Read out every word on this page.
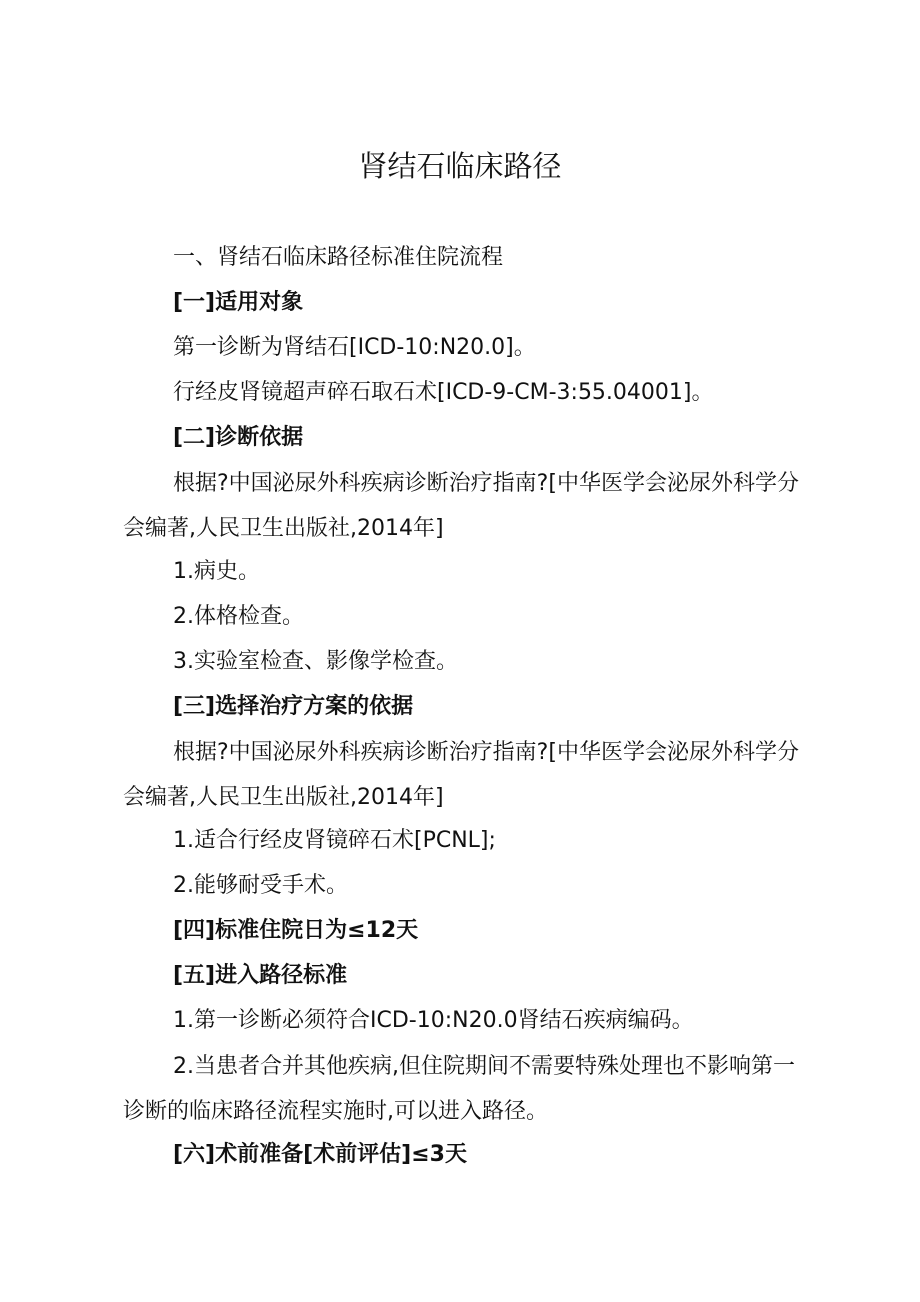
肾结石临床路径
一、肾结石临床路径标准住院流程
[一]适用对象
第一诊断为肾结石[ICD-10:N20.0]。
行经皮肾镜超声碎石取石术[ICD-9-CM-3:55.04001]。
[二]诊断依据
根据?中国泌尿外科疾病诊断治疗指南?[中华医学会泌尿外科学分会编著,人民卫生出版社,2014年]
1.病史。
2.体格检查。
3.实验室检查、影像学检查。
[三]选择治疗方案的依据
根据?中国泌尿外科疾病诊断治疗指南?[中华医学会泌尿外科学分会编著,人民卫生出版社,2014年]
1.适合行经皮肾镜碎石术[PCNL];
2.能够耐受手术。
[四]标准住院日为≤12天
[五]进入路径标准
1.第一诊断必须符合ICD-10:N20.0肾结石疾病编码。
2.当患者合并其他疾病,但住院期间不需要特殊处理也不影响第一诊断的临床路径流程实施时,可以进入路径。
[六]术前准备[术前评估]≤3天
